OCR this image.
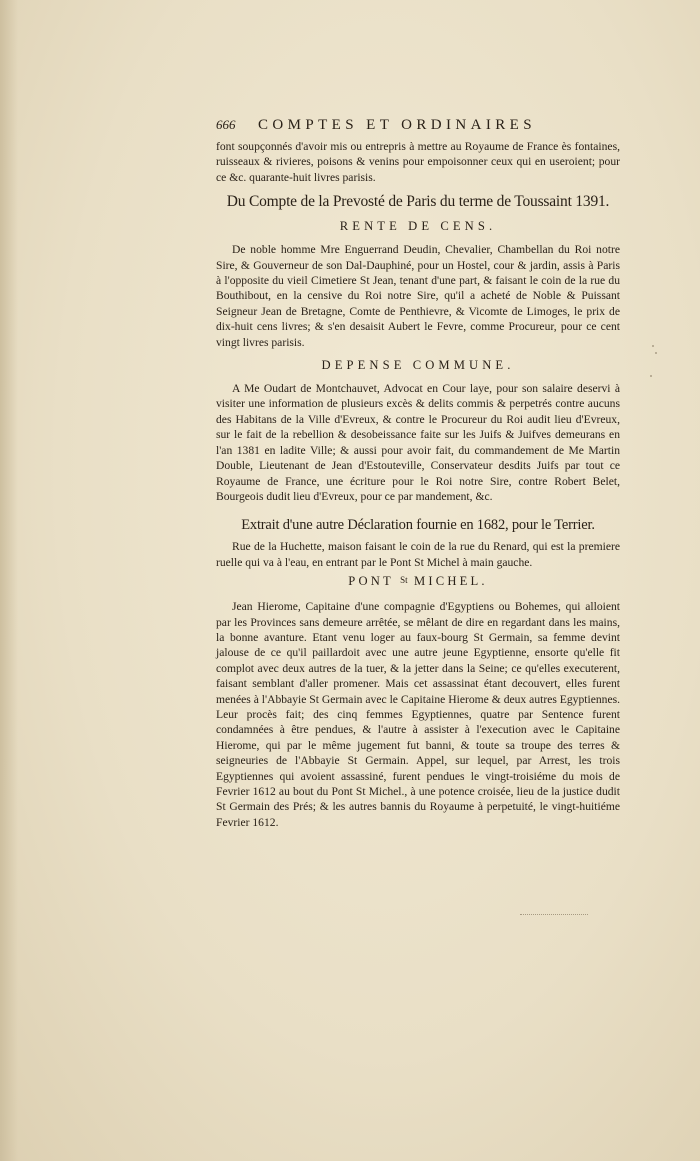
666	COMPTES ET ORDINAIRES

font soupçonnés d'avoir mis ou entrepris à mettre au Royaume de France ès fontaines, ruisseaux & rivieres, poisons & venins pour empoisonner ceux qui en useroient; pour ce &c. quarante-huit livres parisis.

Du Compte de la Prevosté de Paris du terme de Toussaint 1391.
RENTE DE CENS.

De noble homme Mre Enguerrand Deudin, Chevalier, Chambellan du Roi notre Sire, & Gouverneur de son Dal-Dauphiné, pour un Hostel, cour & jardin, assis à Paris à l'opposite du vieil Cimetiere St Jean, tenant d'une part, & faisant le coin de la rue du Bouthibout, en la censive du Roi notre Sire, qu'il a acheté de Noble & Puissant Seigneur Jean de Bretagne, Comte de Penthievre, & Vicomte de Limoges, le prix de dix-huit cens livres; & s'en desaisit Aubert le Fevre, comme Procureur, pour ce cent vingt livres parisis.

DEPENSE COMMUNE.

A Me Oudart de Montchauvet, Advocat en Cour laye, pour son salaire deservi à visiter une information de plusieurs excès & delits commis & perpetrés contre aucuns des Habitans de la Ville d'Evreux, & contre le Procureur du Roi audit lieu d'Evreux, sur le fait de la rebellion & desobeissance faite sur les Juifs & Juifves demeurans en l'an 1381 en ladite Ville; & aussi pour avoir fait, du commandement de Me Martin Double, Lieutenant de Jean d'Estouteville, Conservateur desdits Juifs par tout ce Royaume de France, une écriture pour le Roi notre Sire, contre Robert Belet, Bourgeois dudit lieu d'Evreux, pour ce par mandement, &c.

Extrait d'une autre Déclaration fournie en 1682, pour le Terrier.

Rue de la Huchette, maison faisant le coin de la rue du Renard, qui est la premiere ruelle qui va à l'eau, en entrant par le Pont St Michel à main gauche.

PONT $^{St}$ MICHEL.

Jean Hierome, Capitaine d'une compagnie d'Egyptiens ou Bohemes, qui alloient par les Provinces sans demeure arrêtée, se mêlant de dire en regardant dans les mains, la bonne avanture. Etant venu loger au faux-bourg St Germain, sa femme devint jalouse de ce qu'il paillardoit avec une autre jeune Egyptienne, ensorte qu'elle fit complot avec deux autres de la tuer, & la jetter dans la Seine; ce qu'elles executerent, faisant semblant d'aller promener. Mais cet assassinat étant decouvert, elles furent menées à l'Abbayie St Germain avec le Capitaine Hierome & deux autres Egyptiennes. Leur procès fait; des cinq femmes Egyptiennes, quatre par Sentence furent condamnées à être pendues, & l'autre à assister à l'execution avec le Capitaine Hierome, qui par le même jugement fut banni, & toute sa troupe des terres & seigneuries de l'Abbayie St Germain. Appel, sur lequel, par Arrest, les trois Egyptiennes qui avoient assassiné, furent pendues le vingt-troisiéme du mois de Fevrier 1612 au bout du Pont St Michel., à une potence croisée, lieu de la justice dudit St Germain des Prés; & les autres bannis du Royaume à perpetuité, le vingt-huitiéme Fevrier 1612.
